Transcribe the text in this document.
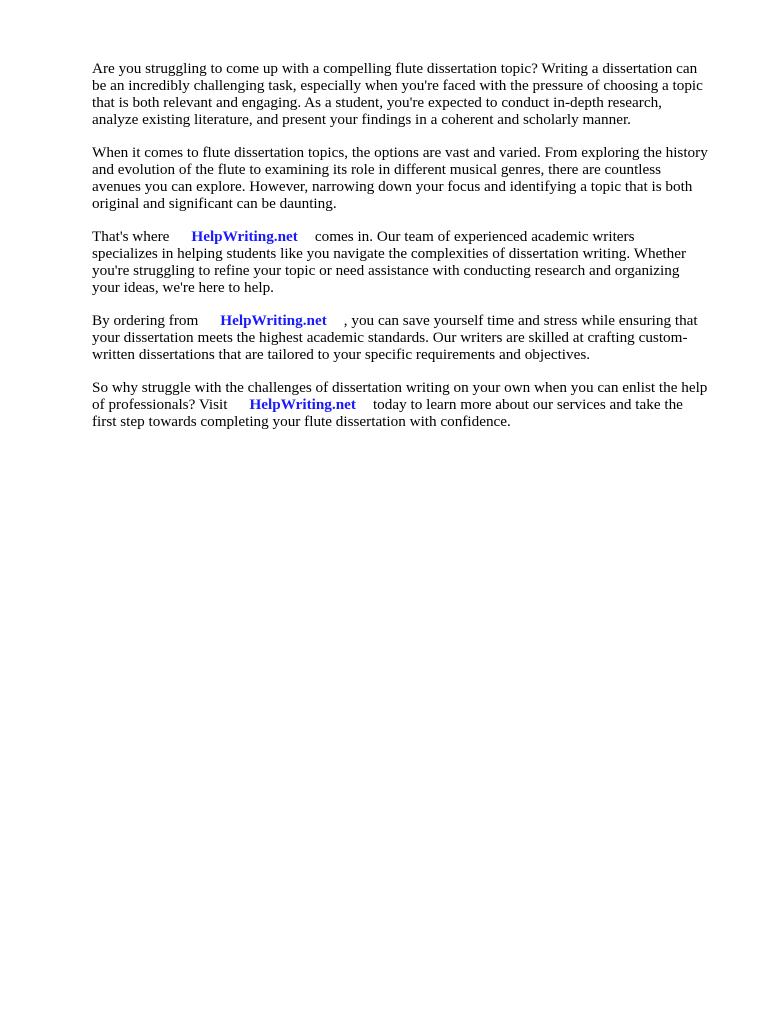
Are you struggling to come up with a compelling flute dissertation topic? Writing a dissertation can
be an incredibly challenging task, especially when you're faced with the pressure of choosing a topic
that is both relevant and engaging. As a student, you're expected to conduct in-depth research,
analyze existing literature, and present your findings in a coherent and scholarly manner.

When it comes to flute dissertation topics, the options are vast and varied. From exploring the history
and evolution of the flute to examining its role in different musical genres, there are countless
avenues you can explore. However, narrowing down your focus and identifying a topic that is both
original and significant can be daunting.

That's where HelpWriting.net comes in. Our team of experienced academic writers
specializes in helping students like you navigate the complexities of dissertation writing. Whether
you're struggling to refine your topic or need assistance with conducting research and organizing
your ideas, we're here to help.

By ordering from HelpWriting.net , you can save yourself time and stress while ensuring that
your dissertation meets the highest academic standards. Our writers are skilled at crafting custom-
written dissertations that are tailored to your specific requirements and objectives.

So why struggle with the challenges of dissertation writing on your own when you can enlist the help
of professionals? Visit HelpWriting.net today to learn more about our services and take the
first step towards completing your flute dissertation with confidence.
